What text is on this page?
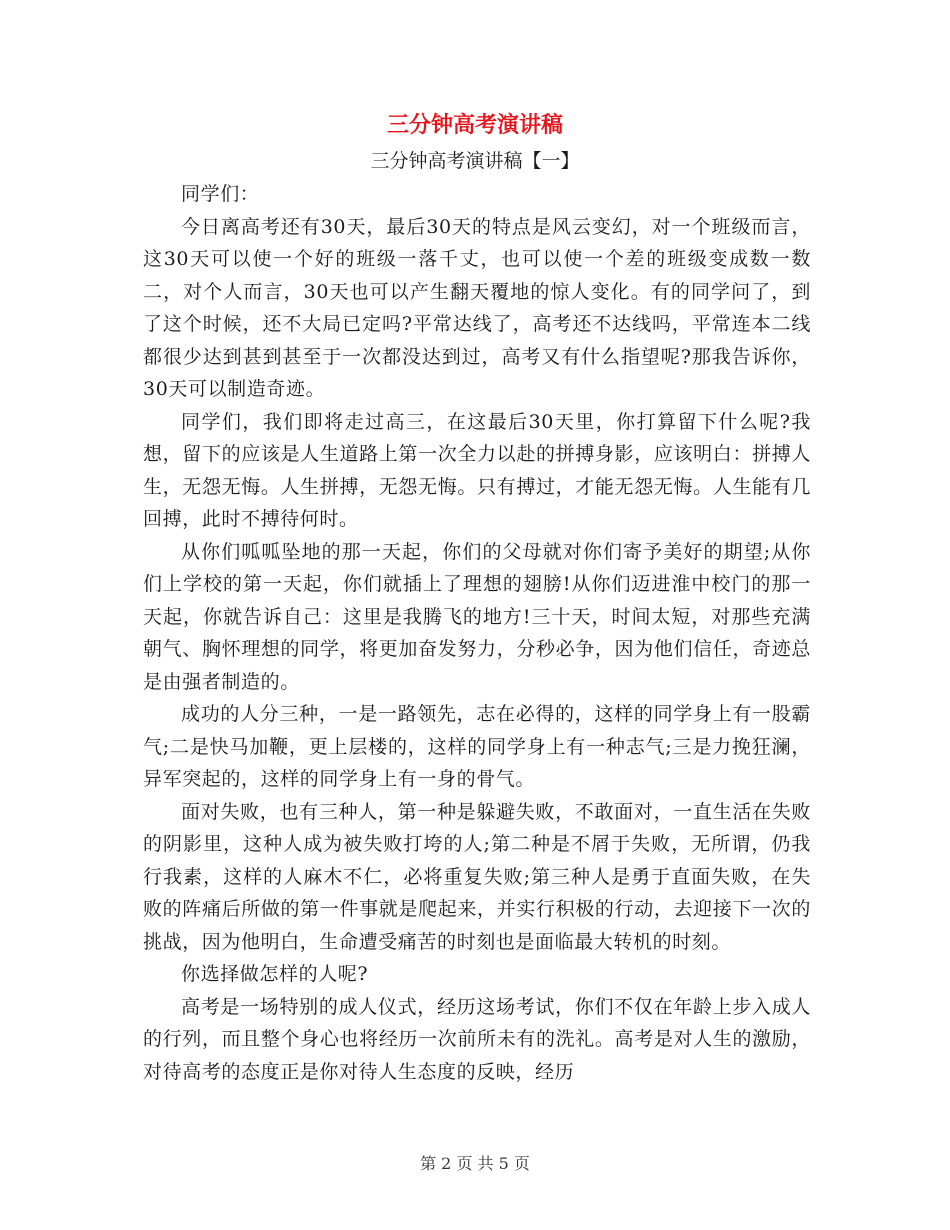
三分钟高考演讲稿
三分钟高考演讲稿【一】

同学们：

今日离高考还有30天，最后30天的特点是风云变幻，对一个班级而言，这30天可以使一个好的班级一落千丈，也可以使一个差的班级变成数一数二，对个人而言，30天也可以产生翻天覆地的惊人变化。有的同学问了，到了这个时候，还不大局已定吗?平常达线了，高考还不达线吗，平常连本二线都很少达到甚到甚至于一次都没达到过，高考又有什么指望呢?那我告诉你，30天可以制造奇迹。

同学们，我们即将走过高三，在这最后30天里，你打算留下什么呢?我想，留下的应该是人生道路上第一次全力以赴的拼搏身影，应该明白：拼搏人生，无怨无悔。人生拼搏，无怨无悔。只有搏过，才能无怨无悔。人生能有几回搏，此时不搏待何时。

从你们呱呱坠地的那一天起，你们的父母就对你们寄予美好的期望;从你们上学校的第一天起，你们就插上了理想的翅膀!从你们迈进淮中校门的那一天起，你就告诉自己：这里是我腾飞的地方!三十天，时间太短，对那些充满朝气、胸怀理想的同学，将更加奋发努力，分秒必争，因为他们信任，奇迹总是由强者制造的。

成功的人分三种，一是一路领先，志在必得的，这样的同学身上有一股霸气;二是快马加鞭，更上层楼的，这样的同学身上有一种志气;三是力挽狂澜，异军突起的，这样的同学身上有一身的骨气。

面对失败，也有三种人，第一种是躲避失败，不敢面对，一直生活在失败的阴影里，这种人成为被失败打垮的人;第二种是不屑于失败，无所谓，仍我行我素，这样的人麻木不仁，必将重复失败;第三种人是勇于直面失败，在失败的阵痛后所做的第一件事就是爬起来，并实行积极的行动，去迎接下一次的挑战，因为他明白，生命遭受痛苦的时刻也是面临最大转机的时刻。

你选择做怎样的人呢?

高考是一场特别的成人仪式，经历这场考试，你们不仅在年龄上步入成人的行列，而且整个身心也将经历一次前所未有的洗礼。高考是对人生的激励，对待高考的态度正是你对待人生态度的反映，经历

第 2 页 共 5 页
